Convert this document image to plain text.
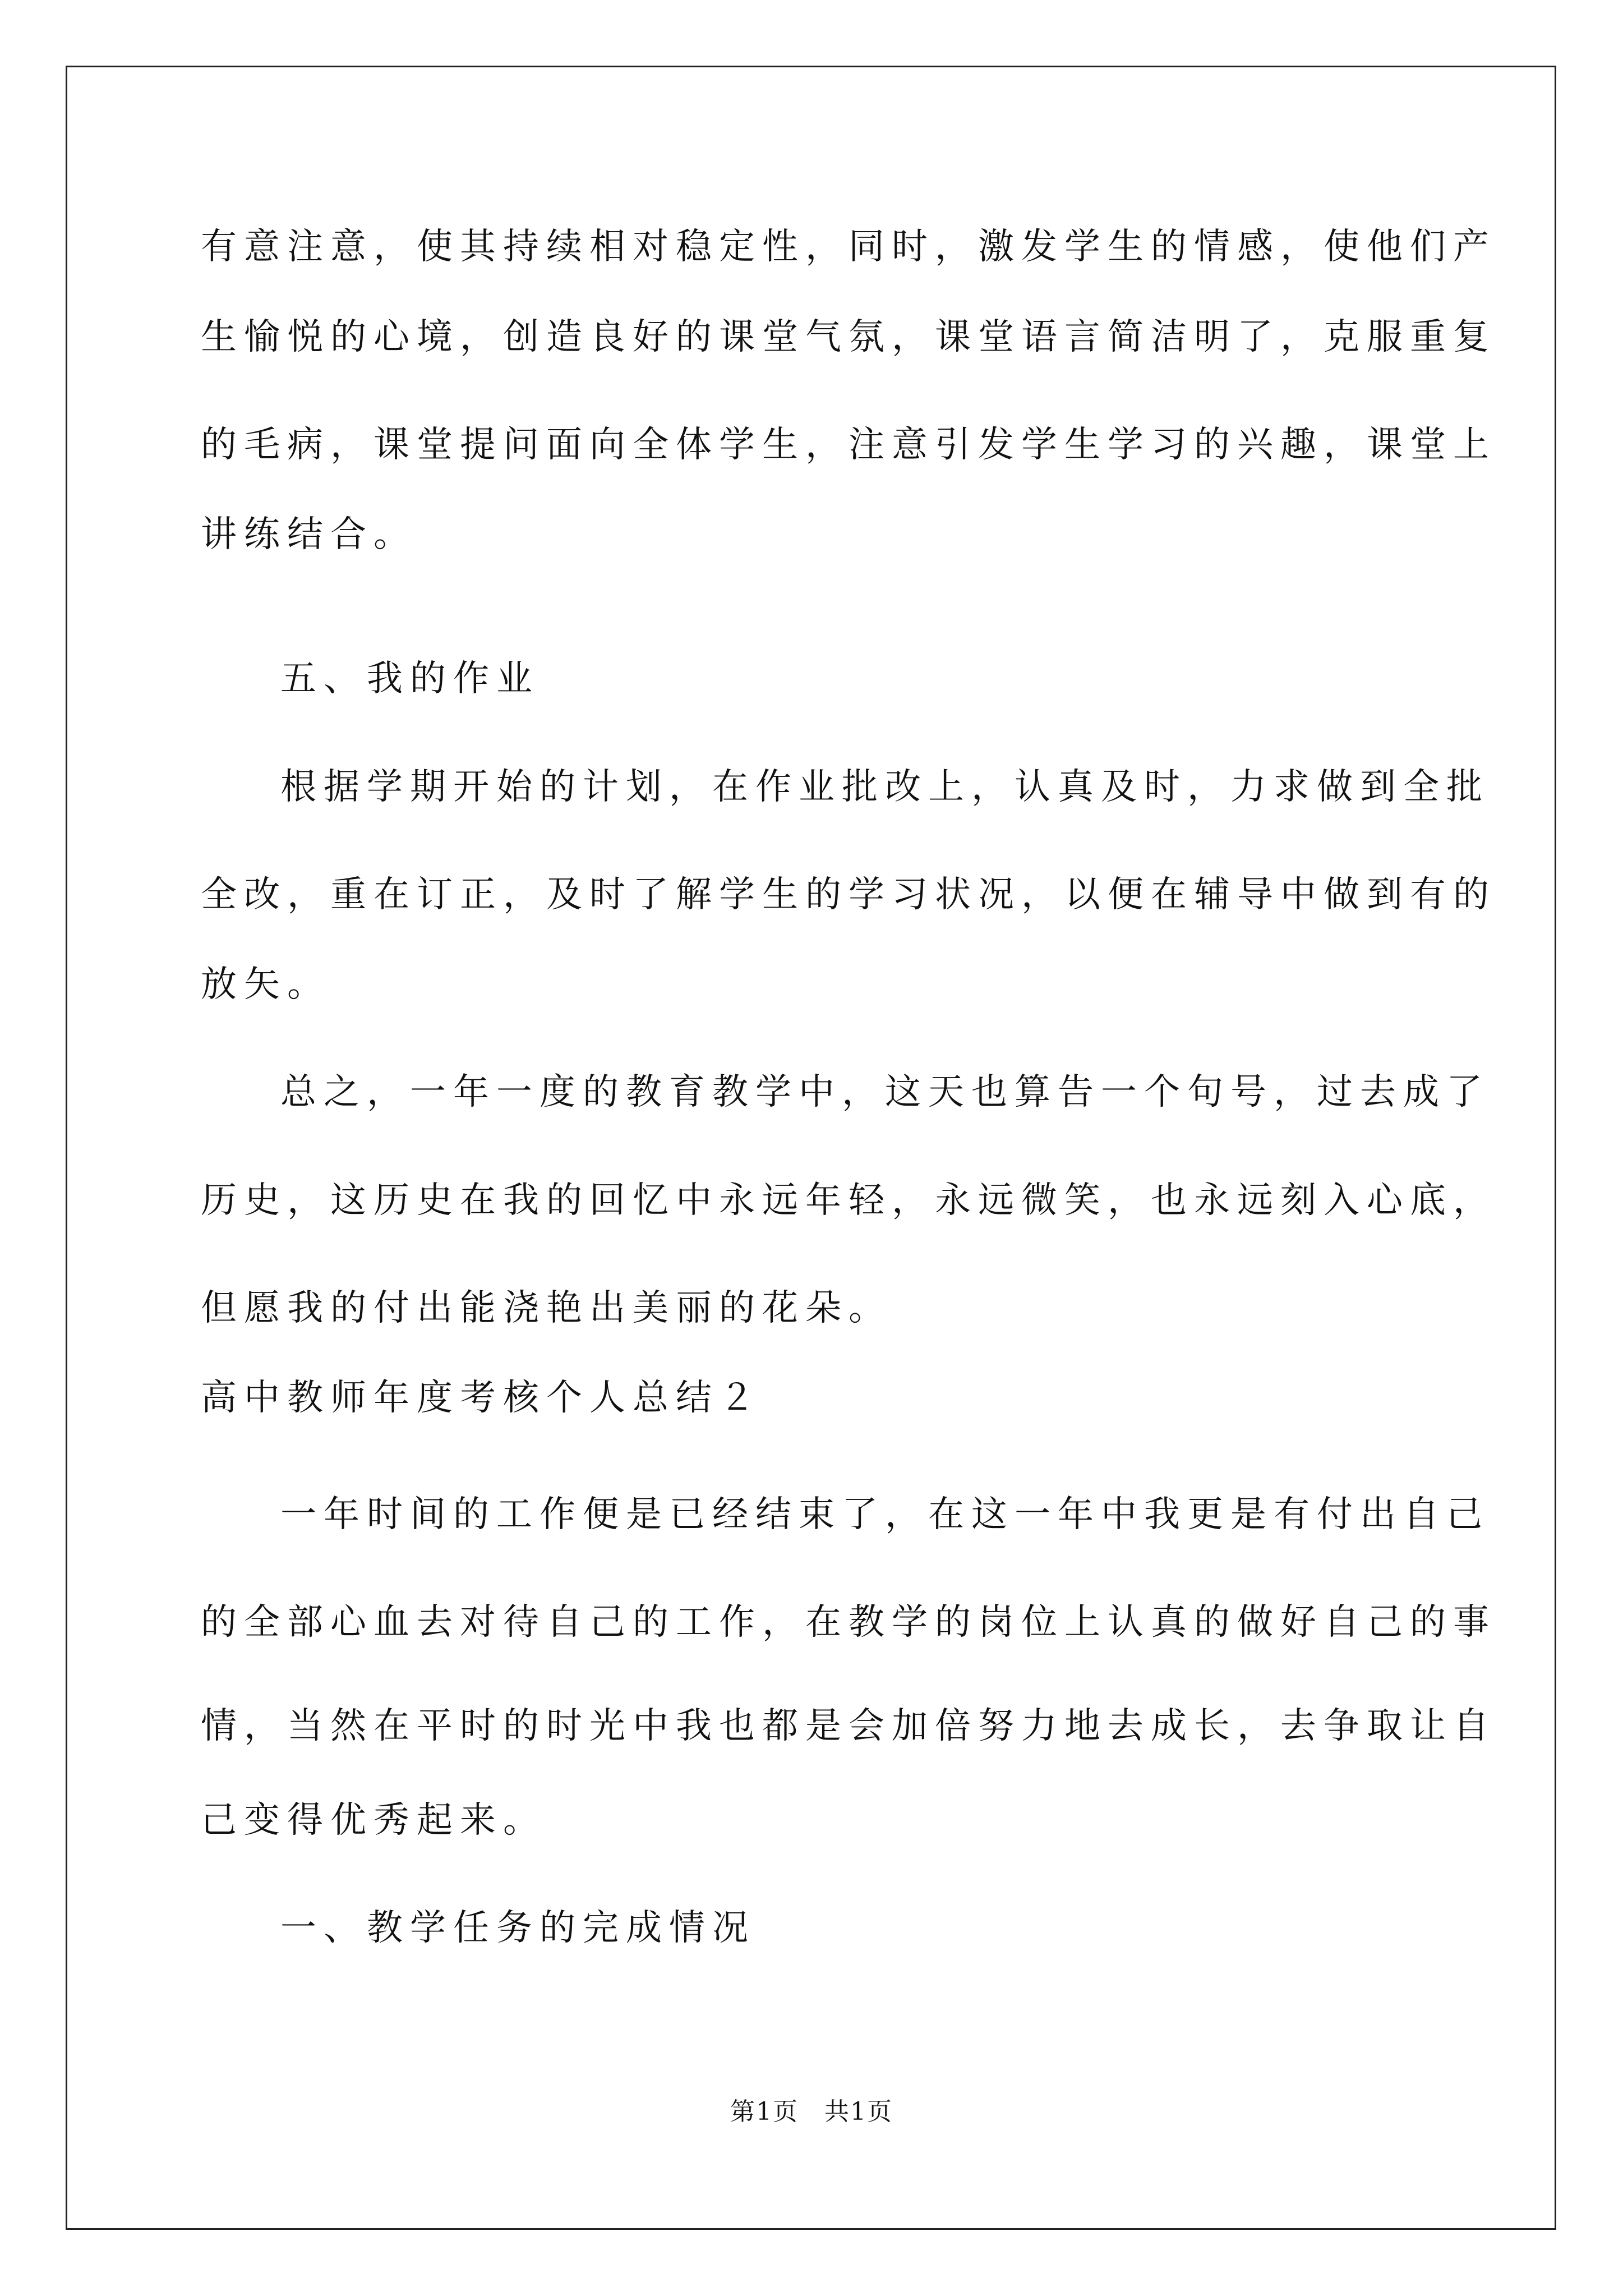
有意注意，使其持续相对稳定性，同时，激发学生的情感，使他们产
生愉悦的心境，创造良好的课堂气氛，课堂语言简洁明了，克服重复
的毛病，课堂提问面向全体学生，注意引发学生学习的兴趣，课堂上
讲练结合。
五、我的作业
根据学期开始的计划，在作业批改上，认真及时，力求做到全批
全改，重在订正，及时了解学生的学习状况，以便在辅导中做到有的
放矢。
总之，一年一度的教育教学中，这天也算告一个句号，过去成了
历史，这历史在我的回忆中永远年轻，永远微笑，也永远刻入心底，
但愿我的付出能浇艳出美丽的花朵。
高中教师年度考核个人总结２
一年时间的工作便是已经结束了，在这一年中我更是有付出自己
的全部心血去对待自己的工作，在教学的岗位上认真的做好自己的事
情，当然在平时的时光中我也都是会加倍努力地去成长，去争取让自
己变得优秀起来。
一、教学任务的完成情况
第1页　共1页
